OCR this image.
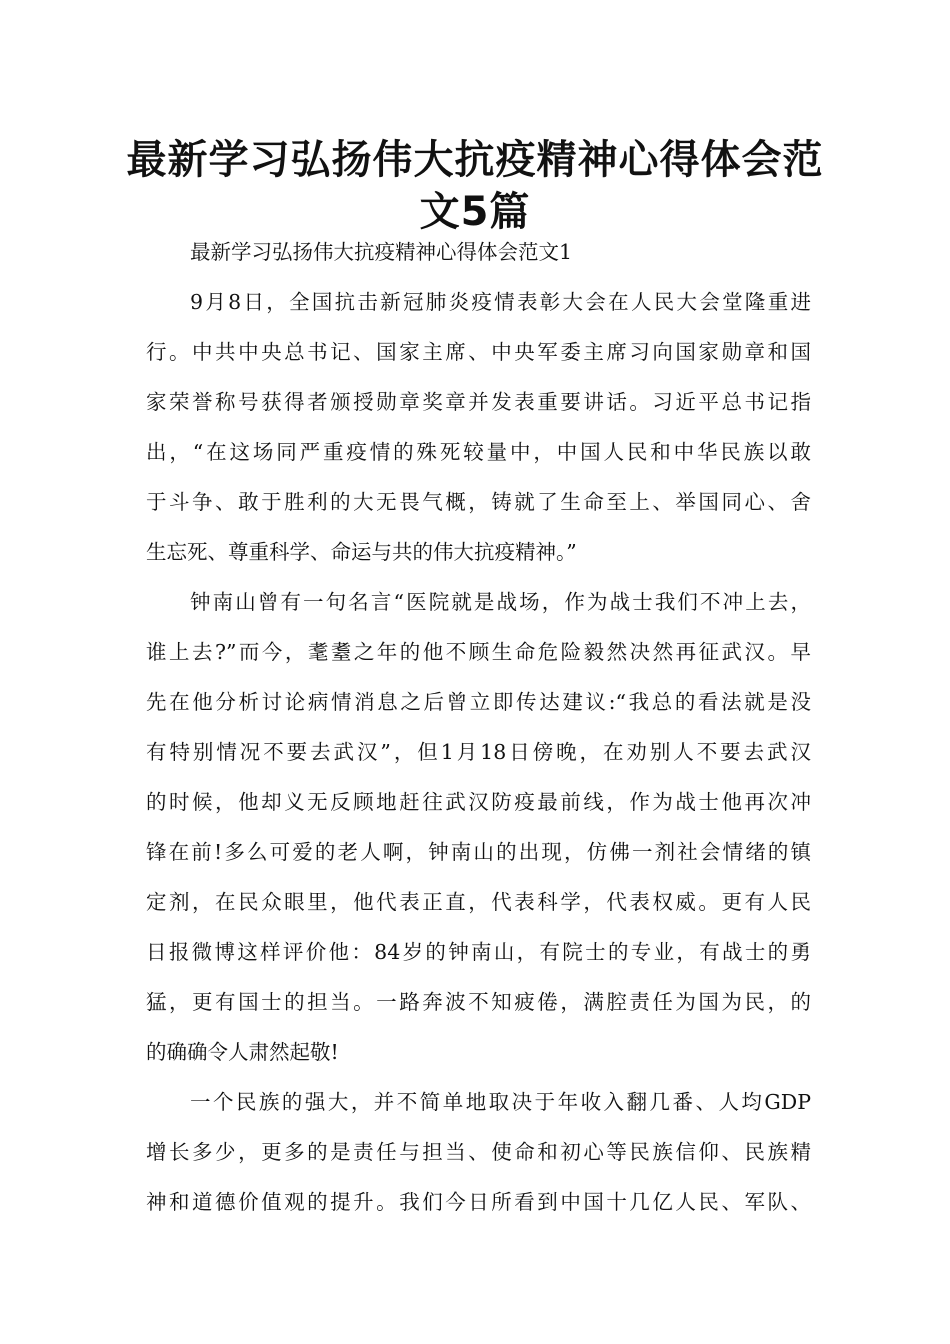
最新学习弘扬伟大抗疫精神心得体会范
文5篇

最新学习弘扬伟大抗疫精神心得体会范文1

9月8日，全国抗击新冠肺炎疫情表彰大会在人民大会堂隆重进

行。中共中央总书记、国家主席、中央军委主席习向国家勋章和国

家荣誉称号获得者颁授勋章奖章并发表重要讲话。习近平总书记指

出，“在这场同严重疫情的殊死较量中，中国人民和中华民族以敢

于斗争、敢于胜利的大无畏气概，铸就了生命至上、举国同心、舍

生忘死、尊重科学、命运与共的伟大抗疫精神。”

钟南山曾有一句名言“医院就是战场，作为战士我们不冲上去，

谁上去?”而今，耄耋之年的他不顾生命危险毅然决然再征武汉。早

先在他分析讨论病情消息之后曾立即传达建议:“我总的看法就是没

有特别情况不要去武汉”，但1月18日傍晚，在劝别人不要去武汉

的时候，他却义无反顾地赶往武汉防疫最前线，作为战士他再次冲

锋在前!多么可爱的老人啊，钟南山的出现，仿佛一剂社会情绪的镇

定剂，在民众眼里，他代表正直，代表科学，代表权威。更有人民

日报微博这样评价他：84岁的钟南山，有院士的专业，有战士的勇

猛，更有国士的担当。一路奔波不知疲倦，满腔责任为国为民，的

的确确令人肃然起敬!

一个民族的强大，并不简单地取决于年收入翻几番、人均GDP

增长多少，更多的是责任与担当、使命和初心等民族信仰、民族精

神和道德价值观的提升。我们今日所看到中国十几亿人民、军队、
